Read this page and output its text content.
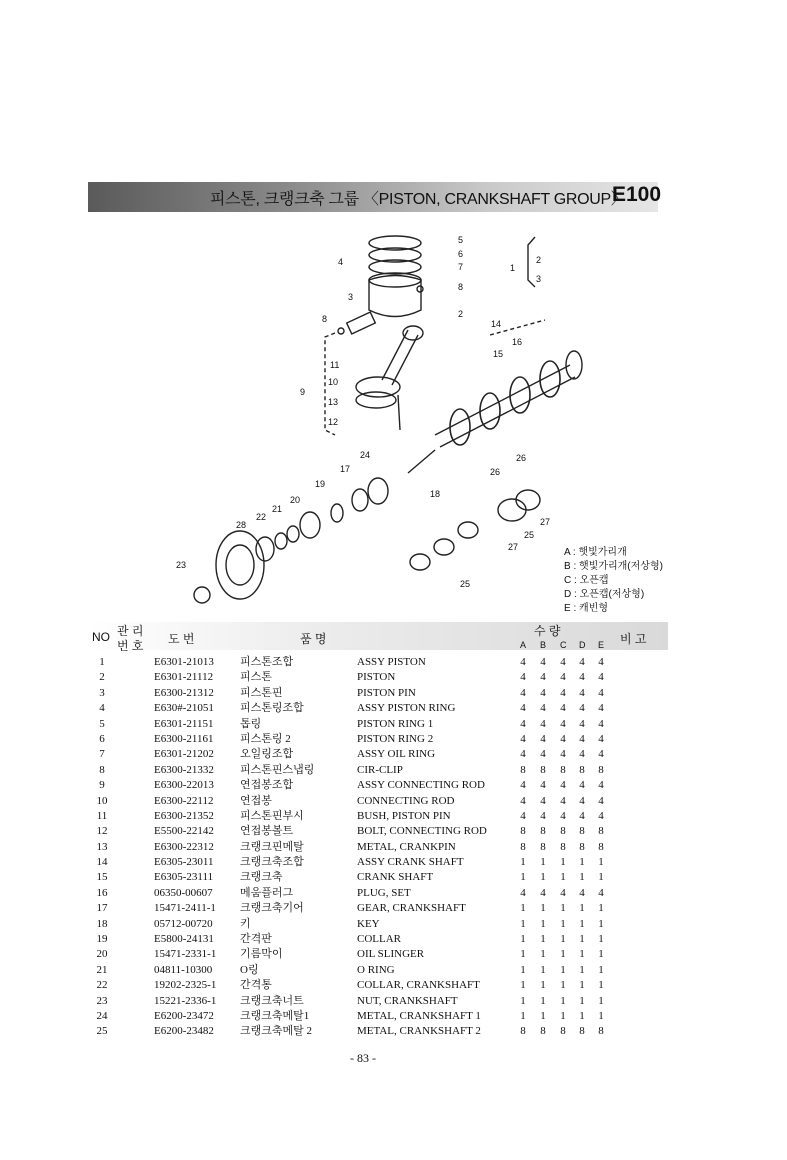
피스톤, 크랭크축 그룹 〈PISTON, CRANKSHAFT GROUP〉
E100
5
6
7
4
8
2
3
8
11
10
9
13
12
14
16
15
1
2
3
24
17
18
19
20
21
22
28
23
26
26
27
27
25
25
A : 햇빛가리개
B : 햇빛가리개(저상형)
C : 오픈캡
D : 오픈캡(저상형)
E : 캐빈형
NO 관 리
번 호 도 번	품 명
수 량
A B C D E 비 고
1	E6301-21013 피스톤조합	ASSY PISTON	4 4 4 4 4
2	E6301-21112 피스톤	PISTON	4 4 4 4 4
3	E6300-21312 피스톤핀	PISTON PIN	4 4 4 4 4
4	E630#-21051 피스톤링조합	ASSY PISTON RING	4 4 4 4 4
5	E6301-21151 톱링	PISTON RING 1	4 4 4 4 4
6	E6300-21161 피스톤링 2	PISTON RING 2	4 4 4 4 4
7	E6301-21202 오일링조합	ASSY OIL RING	4 4 4 4 4
8	E6300-21332 피스톤핀스냅링	CIR-CLIP	8 8 8 8 8
9	E6300-22013 연접봉조합	ASSY CONNECTING ROD	4 4 4 4 4
10	E6300-22112 연접봉	CONNECTING ROD	4 4 4 4 4
11	E6300-21352 피스톤핀부시	BUSH, PISTON PIN	4 4 4 4 4
12	E5500-22142 연접봉볼트	BOLT, CONNECTING ROD	8 8 8 8 8
13	E6300-22312 크랭크핀메탈	METAL, CRANKPIN	8 8 8 8 8
14	E6305-23011 크랭크축조합	ASSY CRANK SHAFT	1 1 1 1 1
15	E6305-23111 크랭크축	CRANK SHAFT	1 1 1 1 1
16	06350-00607 메움플러그	PLUG, SET	4 4 4 4 4
17	15471-2411-1 크랭크축기어	GEAR, CRANKSHAFT	1 1 1 1 1
18	05712-00720 키	KEY	1 1 1 1 1
19	E5800-24131 간격판	COLLAR	1 1 1 1 1
20	15471-2331-1 기름막이	OIL SLINGER	1 1 1 1 1
21	04811-10300	O링	O RING	1 1 1 1 1
22	19202-2325-1 간격통	COLLAR, CRANKSHAFT	1 1 1 1 1
23	15221-2336-1 크랭크축너트	NUT, CRANKSHAFT	1 1 1 1 1
24	E6200-23472 크랭크축메탈1	METAL, CRANKSHAFT 1	1 1 1 1 1
25	E6200-23482 크랭크축메탈 2	METAL, CRANKSHAFT 2	8 8 8 8 8
- 83 -
